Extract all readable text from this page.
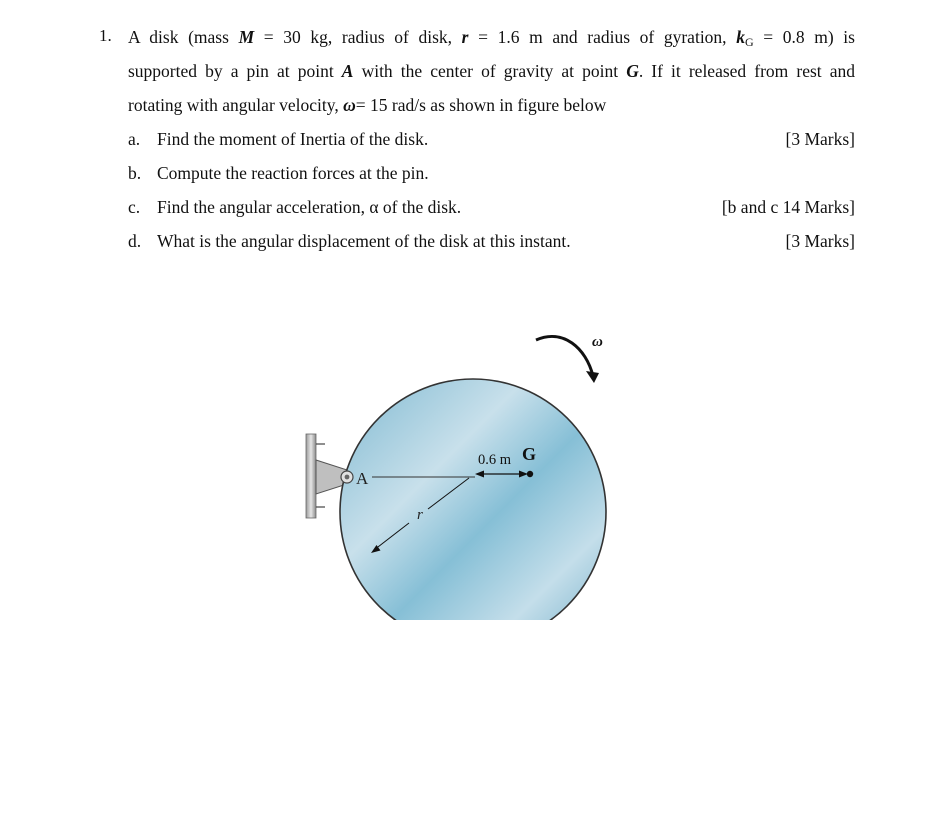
1. A disk (mass M = 30 kg, radius of disk, r = 1.6 m and radius of gyration, $k_G = 0.8$ m) is
supported by a pin at point A with the center of gravity at point G. If it released from rest and
rotating with angular velocity, ω= 15 rad/s as shown in figure below
a. Find the moment of Inertia of the disk.	[3 Marks]
b. Compute the reaction forces at the pin.
c. Find the angular acceleration, α of the disk.	[b and c 14 Marks]
d. What is the angular displacement of the disk at this instant.	[3 Marks]
A
0.6 m G
r
ω
